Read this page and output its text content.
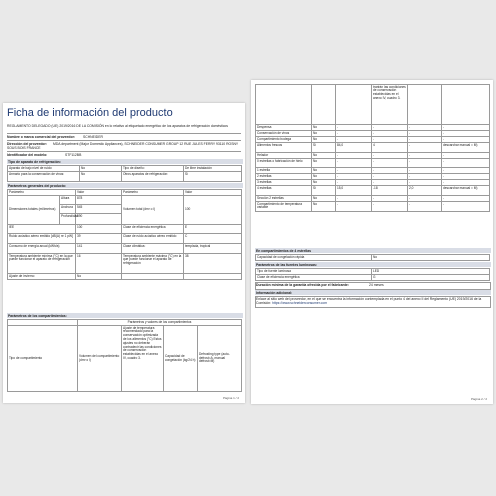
Ficha de información del producto
REGLAMENTO DELEGADO (UE) 2019/2016 DE LA COMISIÓN en lo relativo al etiquetado energético de los aparatos de refrigeración domésticos
Nombre o marca comercial del proveedor: SCHNEIDER
Dirección del proveedor:	MDA department (Major Domestic Appliances), SCHNEIDER CONSUMER GROUP 12 RUE JULES FERRY 93110 ROSNY SOUS BOIS FRANCE
Identificador del modelo:	STF112BB
Tipo de aparato de refrigeración:
Aparato de bajo nivel de ruido:	No	Tipo de diseño:	De libre instalación
Armario para la conservación de vinos:	No	Otros aparatos de refrigeración:	Sí
Parámetros generales del producto:
Parámetro		Valor	Parámetro	Valor
Dimensiones totales (milímetros)	Altura	878	Volumen total (dm³ o l)	100
	Anchura	545		
	Profundidad	590		
IEE		100	Clase de eficiencia energética	E
Ruido acústico aéreo emitido [dB(A) re 1 pW]		39	Clase de ruido acústico aéreo emitido	C
Consumo de energía anual (kWh/a)		141	Clase climática:	templada, tropical
Temperatura ambiente mínima (°C) en la que puede funcionar el aparato de refrigeración		16	Temperatura ambiente máxima (°C) en la que puede funcionar el aparato de refrigeración	38
Ajuste de invierno		No		
Parámetros de los compartimientos:
	Parámetros y valores de los compartimientos			
Tipo de compartimiento	Volumen del compartimiento (dm³ o l)	Ajuste de temperatura recomendado para la conservación optimizada de los alimentos (°C) Estos ajustes no deberán contradecir las condiciones de conservación establecidas en el anexo IV, cuadro 3.	Capacidad de congelación (kg/24 h)	Defrosting type (auto-defrost=A, manual defrost=M)
Página 1 / 2
			trarirán las condiciones de conservación establecidas en el anexo IV, cuadro 3.		
Despensa	No	-	-	-	-
Conservación de vinos	No	-	-	-	-
Compartimiento bodega	No	-	-	-	-
Alimentos frescos	Sí	84,0	4	-	descarchar manual = M)
Helador	No	-	-	-	-
0 estrellas o fabricación de hielo	No	-	-	-	-
1 estrella	No	-	-	-	-
2 estrellas	No	-	-	-	-
3 estrellas	No	-	-	-	-
4 estrellas	Sí	15,0	-18	2,0	descarchar manual = M)
Sección 2 estrellas	No	-	-	-	-
Compartimiento de temperatura variable	No	-	-	-	-
En compartimientos de 4 estrellas
Capacidad de congelación rápida	No
Parámetros de las fuentes luminosas:
Tipo de fuente luminosa	LED
Clase de eficiencia energética	G
Duración mínima de la garantía ofrecida por el fabricante:	24 meses
Información adicional:
Enlace al sitio web del proveedor, en el que se encuentra la información contemplada en el punto 4 del anexo II del Reglamento (UE) 2019/2016 de la Comisión: https://www.schneiderconsumer.com
Página 2 / 2
